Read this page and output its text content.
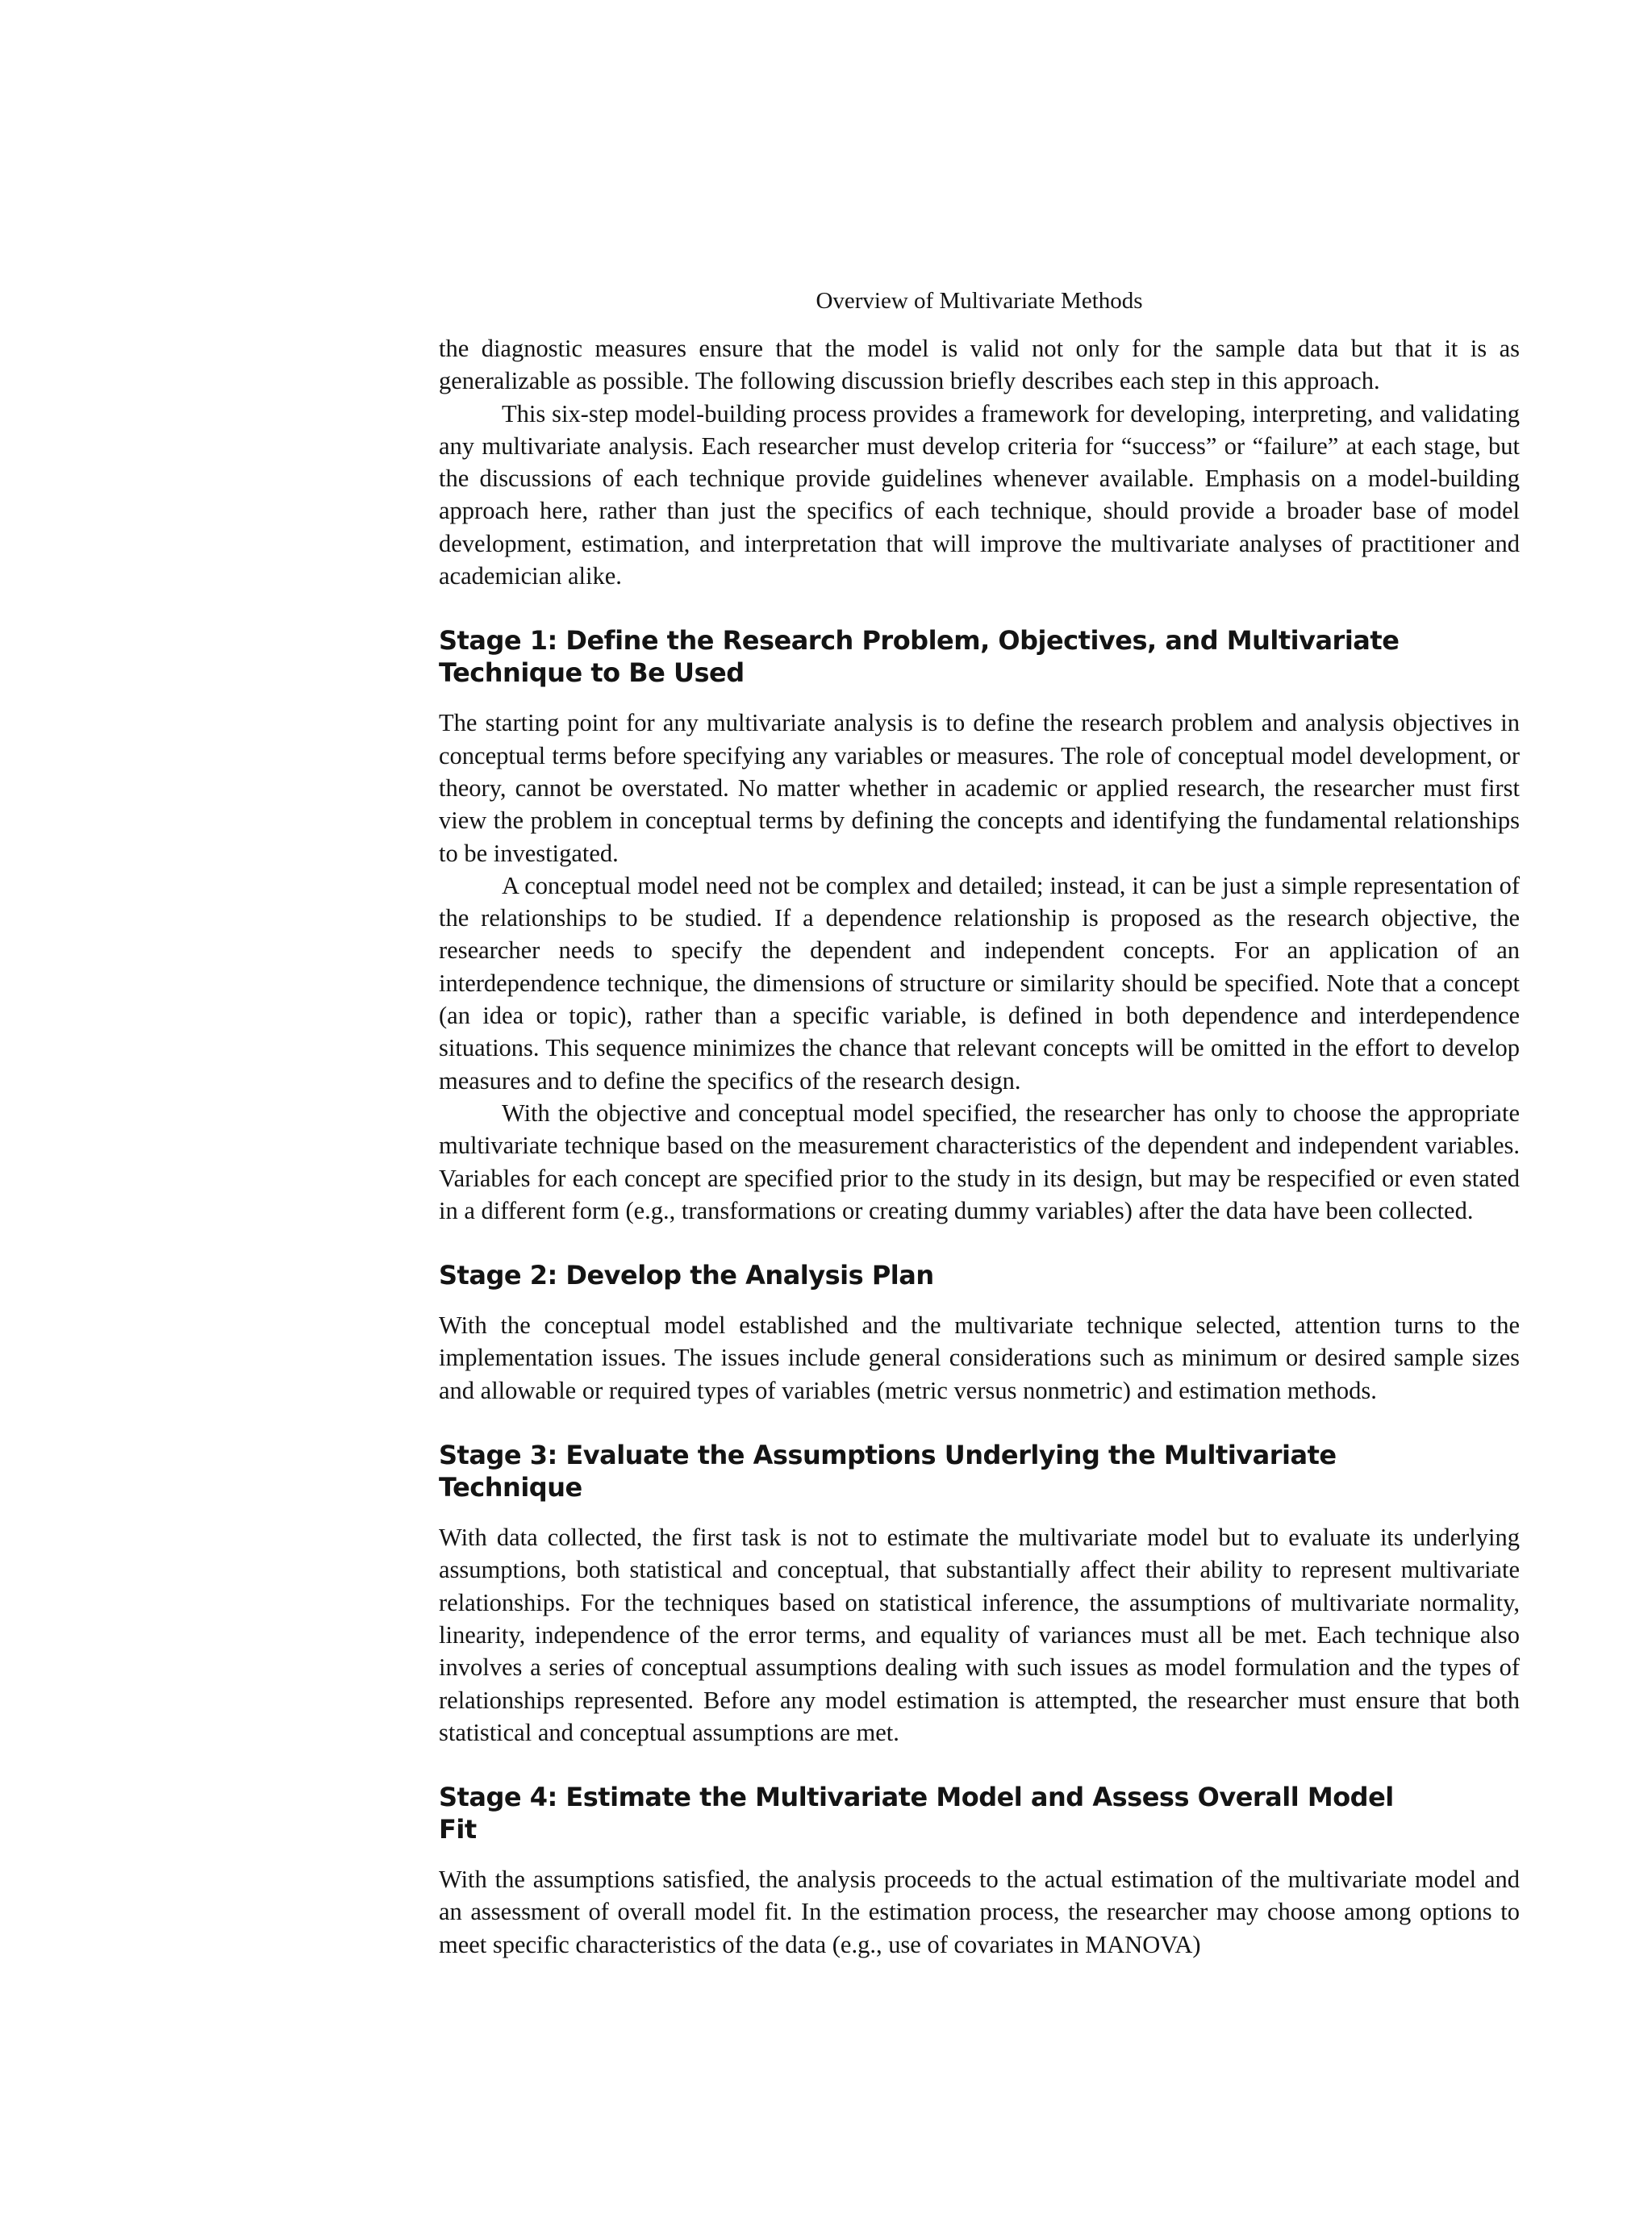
Overview of Multivariate Methods

the diagnostic measures ensure that the model is valid not only for the sample data but that it is as generalizable as possible. The following discussion briefly describes each step in this approach.

This six-step model-building process provides a framework for developing, interpreting, and validating any multivariate analysis. Each researcher must develop criteria for “success” or “failure” at each stage, but the discussions of each technique provide guidelines whenever available. Emphasis on a model-building approach here, rather than just the specifics of each technique, should provide a broader base of model development, estimation, and interpretation that will improve the multivariate analyses of practitioner and academician alike.

Stage 1: Define the Research Problem, Objectives, and Multivariate Technique to Be Used

The starting point for any multivariate analysis is to define the research problem and analysis objectives in conceptual terms before specifying any variables or measures. The role of conceptual model development, or theory, cannot be overstated. No matter whether in academic or applied research, the researcher must first view the problem in conceptual terms by defining the concepts and identifying the fundamental relationships to be investigated.

A conceptual model need not be complex and detailed; instead, it can be just a simple representation of the relationships to be studied. If a dependence relationship is proposed as the research objective, the researcher needs to specify the dependent and independent concepts. For an application of an interdependence technique, the dimensions of structure or similarity should be specified. Note that a concept (an idea or topic), rather than a specific variable, is defined in both dependence and interdependence situations. This sequence minimizes the chance that relevant concepts will be omitted in the effort to develop measures and to define the specifics of the research design.

With the objective and conceptual model specified, the researcher has only to choose the appropriate multivariate technique based on the measurement characteristics of the dependent and independent variables. Variables for each concept are specified prior to the study in its design, but may be respecified or even stated in a different form (e.g., transformations or creating dummy variables) after the data have been collected.

Stage 2: Develop the Analysis Plan

With the conceptual model established and the multivariate technique selected, attention turns to the implementation issues. The issues include general considerations such as minimum or desired sample sizes and allowable or required types of variables (metric versus nonmetric) and estimation methods.

Stage 3: Evaluate the Assumptions Underlying the Multivariate Technique

With data collected, the first task is not to estimate the multivariate model but to evaluate its underlying assumptions, both statistical and conceptual, that substantially affect their ability to represent multivariate relationships. For the techniques based on statistical inference, the assumptions of multivariate normality, linearity, independence of the error terms, and equality of variances must all be met. Each technique also involves a series of conceptual assumptions dealing with such issues as model formulation and the types of relationships represented. Before any model estimation is attempted, the researcher must ensure that both statistical and conceptual assumptions are met.

Stage 4: Estimate the Multivariate Model and Assess Overall Model Fit

With the assumptions satisfied, the analysis proceeds to the actual estimation of the multivariate model and an assessment of overall model fit. In the estimation process, the researcher may choose among options to meet specific characteristics of the data (e.g., use of covariates in MANOVA)
